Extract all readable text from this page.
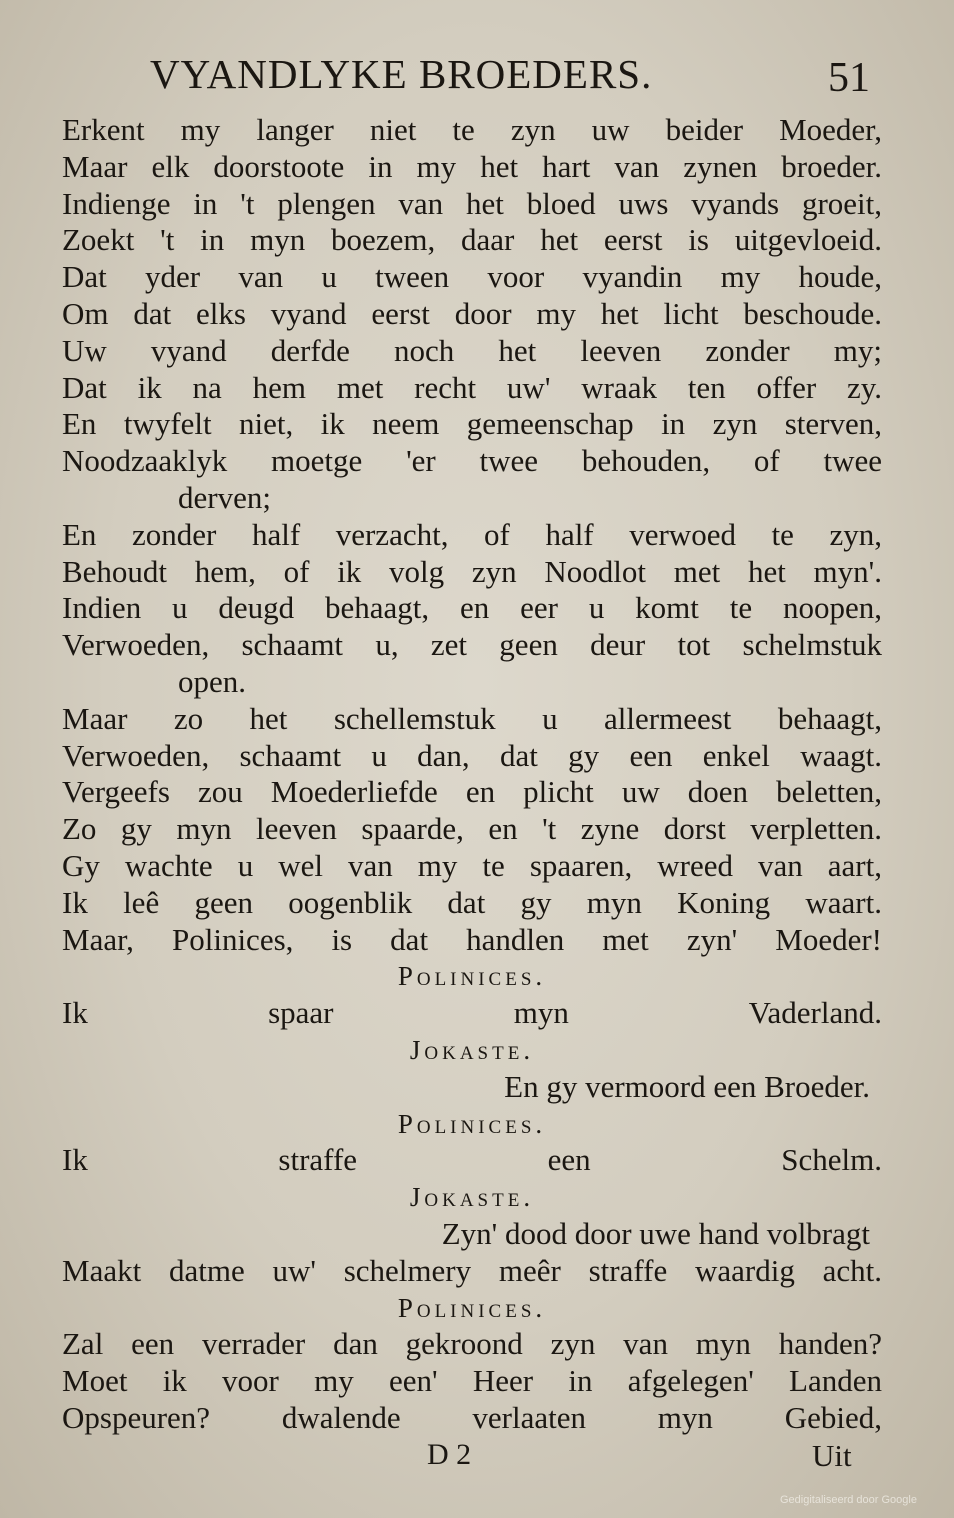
VYANDLYKE BROEDERS.	51
Erkent my langer niet te zyn uw beider Moeder,
Maar elk doorstoote in my het hart van zynen broeder.
Indienge in 't plengen van het bloed uws vyands groeit,
Zoekt 't in myn boezem, daar het eerst is uitgevloeid.
Dat yder van u tween voor vyandin my houde,
Om dat elks vyand eerst door my het licht beschoude.
Uw vyand derfde noch het leeven zonder my;
Dat ik na hem met recht uw' wraak ten offer zy.
En twyfelt niet, ik neem gemeenschap in zyn sterven,
Noodzaaklyk moetge 'er twee behouden, of twee
derven;
En zonder half verzacht, of half verwoed te zyn,
Behoudt hem, of ik volg zyn Noodlot met het myn'.
Indien u deugd behaagt, en eer u komt te noopen,
Verwoeden, schaamt u, zet geen deur tot schelmstuk
open.
Maar zo het schellemstuk u allermeest behaagt,
Verwoeden, schaamt u dan, dat gy een enkel waagt.
Vergeefs zou Moederliefde en plicht uw doen beletten,
Zo gy myn leeven spaarde, en 't zyne dorst verpletten.
Gy wachte u wel van my te spaaren, wreed van aart,
Ik leê geen oogenblik dat gy myn Koning waart.
Maar, Polinices, is dat handlen met zyn' Moeder!
Polinices.
Ik spaar myn Vaderland.
Jokaste.
En gy vermoord een Broeder.
Polinices.
Ik straffe een Schelm.
Jokaste.
Zyn' dood door uwe hand volbragt
Maakt datme uw' schelmery meêr straffe waardig acht.
Polinices.
Zal een verrader dan gekroond zyn van myn handen?
Moet ik voor my een' Heer in afgelegen' Landen
Opspeuren? dwalende verlaaten myn Gebied,
D 2	Uit
Gedigitaliseerd door Google
